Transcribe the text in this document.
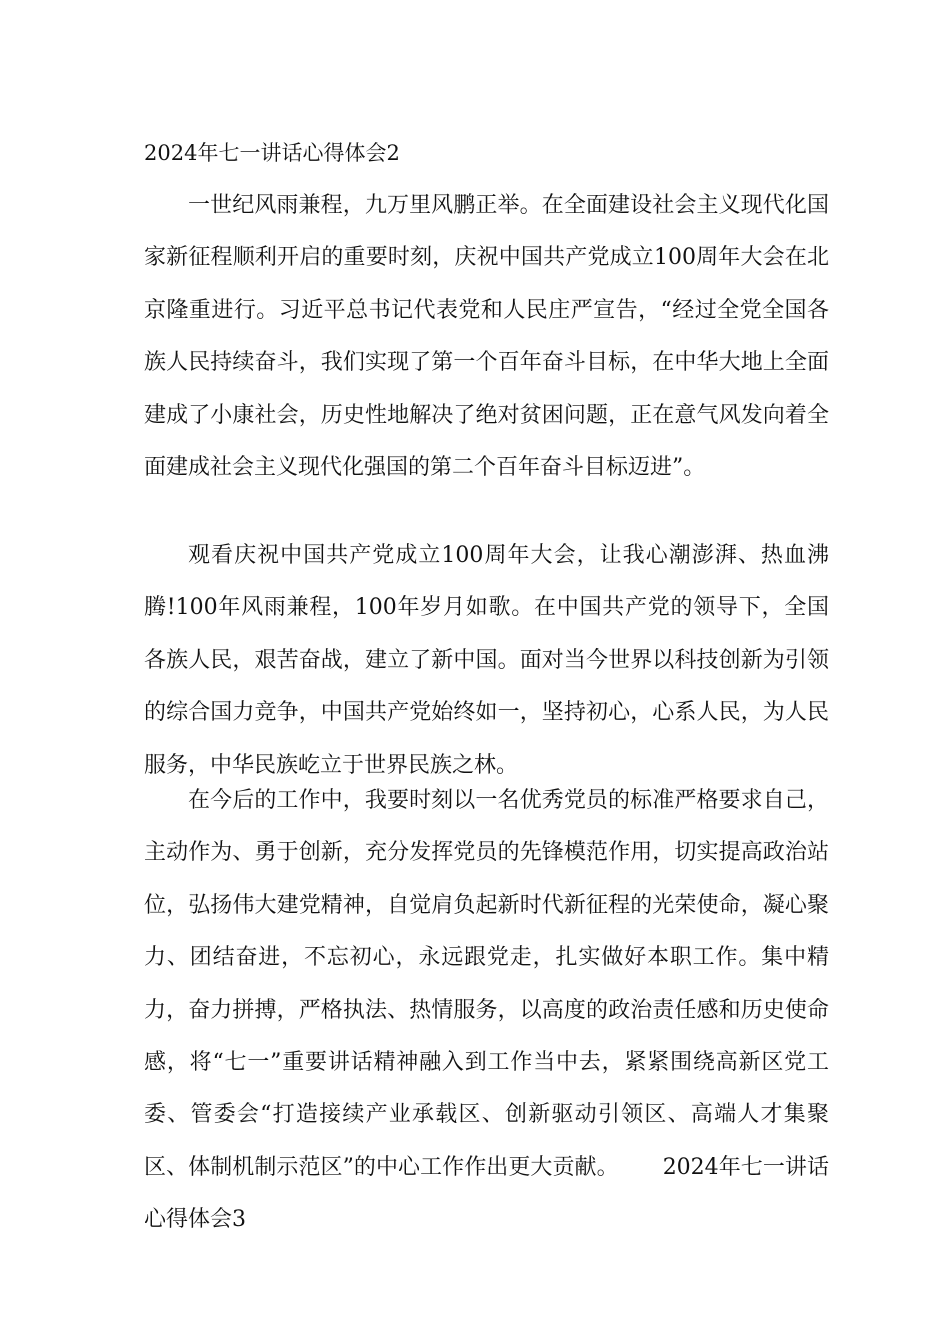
2024年七一讲话心得体会2

一世纪风雨兼程，九万里风鹏正举。在全面建设社会主义现代化国家新征程顺利开启的重要时刻，庆祝中国共产党成立100周年大会在北京隆重进行。习近平总书记代表党和人民庄严宣告，“经过全党全国各族人民持续奋斗，我们实现了第一个百年奋斗目标，在中华大地上全面建成了小康社会，历史性地解决了绝对贫困问题，正在意气风发向着全面建成社会主义现代化强国的第二个百年奋斗目标迈进”。

观看庆祝中国共产党成立100周年大会，让我心潮澎湃、热血沸腾!100年风雨兼程，100年岁月如歌。在中国共产党的领导下，全国各族人民，艰苦奋战，建立了新中国。面对当今世界以科技创新为引领的综合国力竞争，中国共产党始终如一，坚持初心，心系人民，为人民服务，中华民族屹立于世界民族之林。

在今后的工作中，我要时刻以一名优秀党员的标准严格要求自己，主动作为、勇于创新，充分发挥党员的先锋模范作用，切实提高政治站位，弘扬伟大建党精神，自觉肩负起新时代新征程的光荣使命，凝心聚力、团结奋进，不忘初心，永远跟党走，扎实做好本职工作。集中精力，奋力拼搏，严格执法、热情服务，以高度的政治责任感和历史使命感，将“七一”重要讲话精神融入到工作当中去，紧紧围绕高新区党工委、管委会“打造接续产业承载区、创新驱动引领区、高端人才集聚区、体制机制示范区”的中心工作作出更大贡献。 2024年七一讲话心得体会3
